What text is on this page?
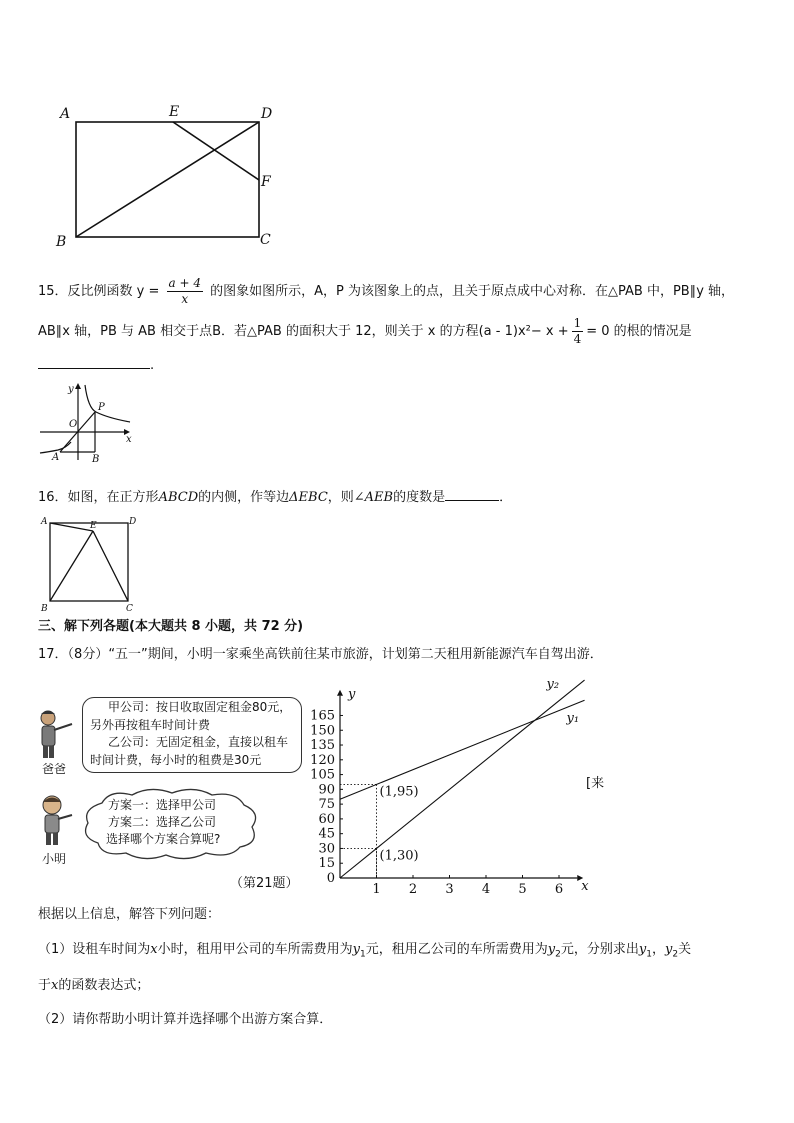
A	E	D
F
C
B
15．反比例函数 $y = \frac{a + 4}{x}$ 的图象如图所示，A，P 为该图象上的点，且关于原点成中心对称．在△PAB 中，PB∥y 轴，
AB∥x 轴，PB 与 AB 相交于点B．若△PAB 的面积大于 12，则关于 x 的方程$(a - 1)x^2- x + \frac{1}{4} = 0$ 的根的情况是
.
y
x
O
P
A	B
16．如图，在正方形ABCD的内侧，作等边ΔEBC，则∠AEB的度数是	．
A	D
E
B	C
三、解下列各题(本大题共 8 小题，共 72 分)
17．（8分）“五一”期间，小明一家乘坐高铁前往某市旅游，计划第二天租用新能源汽车自驾出游．
爸爸
甲公司：按日收取固定租金80元，
另外再按租车时间计费
乙公司：无固定租金，直接以租车
时间计费，每小时的租费是30元
小明
方案一：选择甲公司
方案二：选择乙公司
选择哪个方案合算呢?
（第21题）	x
y
1 2 3 4 5 6
0
15
30
45
60
75
90
105
120
135
150
165	y₁
y₂
(1,95)
(1,30)
[来
根据以上信息，解答下列问题：
（1）设租车时间为x小时，租用甲公司的车所需费用为$y_1$元，租用乙公司的车所需费用为$y_2$元，分别求出$y_1$，$y_2$关
于x的函数表达式；
（2）请你帮助小明计算并选择哪个出游方案合算．
